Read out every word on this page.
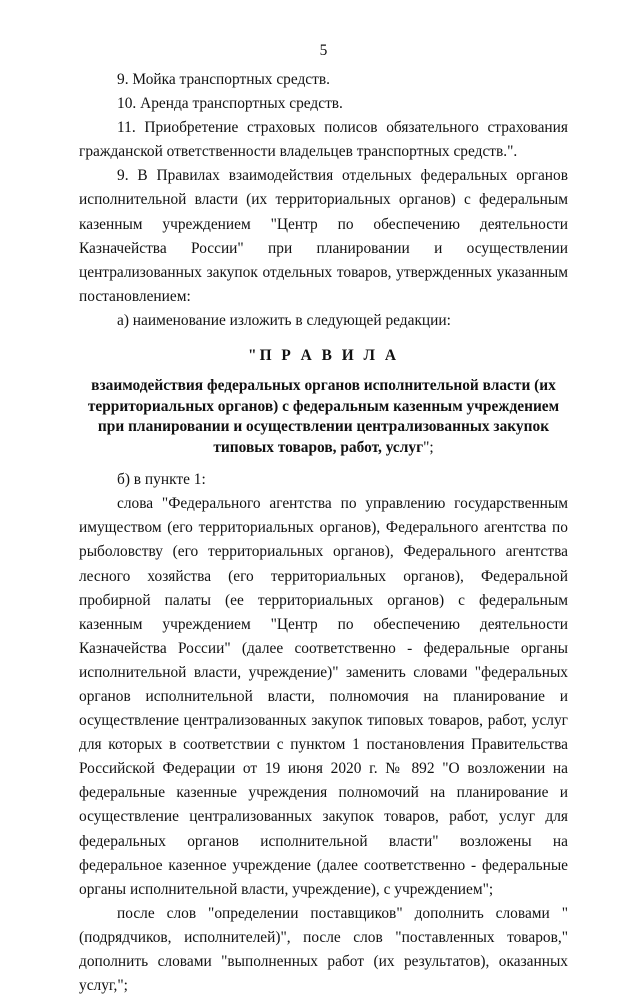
5

9. Мойка транспортных средств.

10. Аренда транспортных средств.

11. Приобретение страховых полисов обязательного страхования гражданской ответственности владельцев транспортных средств.".

9. В Правилах взаимодействия отдельных федеральных органов исполнительной власти (их территориальных органов) с федеральным казенным учреждением "Центр по обеспечению деятельности Казначейства России" при планировании и осуществлении централизованных закупок отдельных товаров, утвержденных указанным постановлением:

а) наименование изложить в следующей редакции:

"П Р А В И Л А
взаимодействия федеральных органов исполнительной власти (их территориальных органов) с федеральным казенным учреждением при планировании и осуществлении централизованных закупок типовых товаров, работ, услуг";

б) в пункте 1:

слова "Федерального агентства по управлению государственным имуществом (его территориальных органов), Федерального агентства по рыболовству (его территориальных органов), Федерального агентства лесного хозяйства (его территориальных органов), Федеральной пробирной палаты (ее территориальных органов) с федеральным казенным учреждением "Центр по обеспечению деятельности Казначейства России" (далее соответственно - федеральные органы исполнительной власти, учреждение)" заменить словами "федеральных органов исполнительной власти, полномочия на планирование и осуществление централизованных закупок типовых товаров, работ, услуг для которых в соответствии с пунктом 1 постановления Правительства Российской Федерации от 19 июня 2020 г. № 892 "О возложении на федеральные казенные учреждения полномочий на планирование и осуществление централизованных закупок товаров, работ, услуг для федеральных органов исполнительной власти" возложены на федеральное казенное учреждение (далее соответственно - федеральные органы исполнительной власти, учреждение), с учреждением";

после слов "определении поставщиков" дополнить словами "(подрядчиков, исполнителей)", после слов "поставленных товаров," дополнить словами "выполненных работ (их результатов), оказанных услуг,";
